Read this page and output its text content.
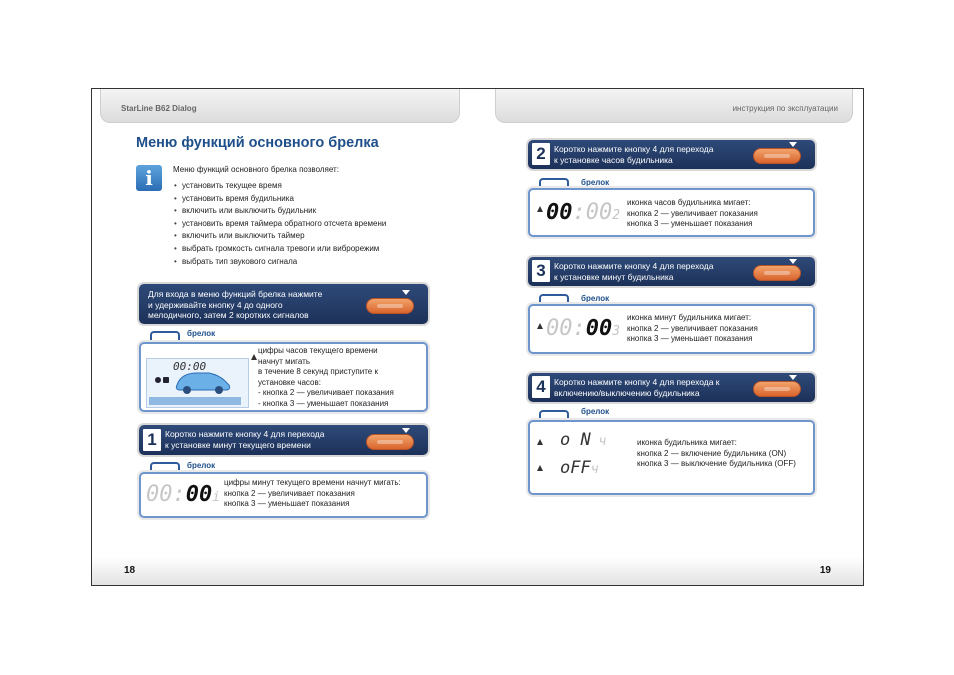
StarLine B62 Dialog
Меню функций основного брелка
i	Меню функций основного брелка позволяет:
• установить текущее время
• установить время будильника
• включить или выключить будильник
• установить время таймера обратного отсчета времени
• включить или выключить таймер
• выбрать громкость сигнала тревоги или виброрежим
• выбрать тип звукового сигнала
Для входа в меню функций брелка нажмите
и удерживайте кнопку 4 до одного
мелодичного, затем 2 коротких сигналов
брелок
00:00
цифры часов текущего времени
начнут мигать
в течение 8 секунд приступите к
установке часов:
- кнопка 2 — увеличивает показания
- кнопка 3 — уменьшает показания
1 Коротко нажмите кнопку 4 для перехода
к установке минут текущего времени
брелок
00:00i
цифры минут текущего времени начнут мигать:
кнопка 2 — увеличивает показания
кнопка 3 — уменьшает показания
инструкция по эксплуатации
2 Коротко нажмите кнопку 4 для перехода
к установке часов будильника
брелок
00:002
иконка часов будильника мигает:
кнопка 2 — увеличивает показания
кнопка 3 — уменьшает показания
3 Коротко нажмите кнопку 4 для перехода
к установке минут будильника
брелок
00:003
иконка минут будильника мигает:
кнопка 2 — увеличивает показания
кнопка 3 — уменьшает показания
4 Коротко нажмите кнопку 4 для перехода к
включению/выключению будильника
брелок
o N ч
oFFч
иконка будильника мигает:
кнопка 2 — включение будильника (ON)
кнопка 3 — выключение будильника (OFF)
18	19
